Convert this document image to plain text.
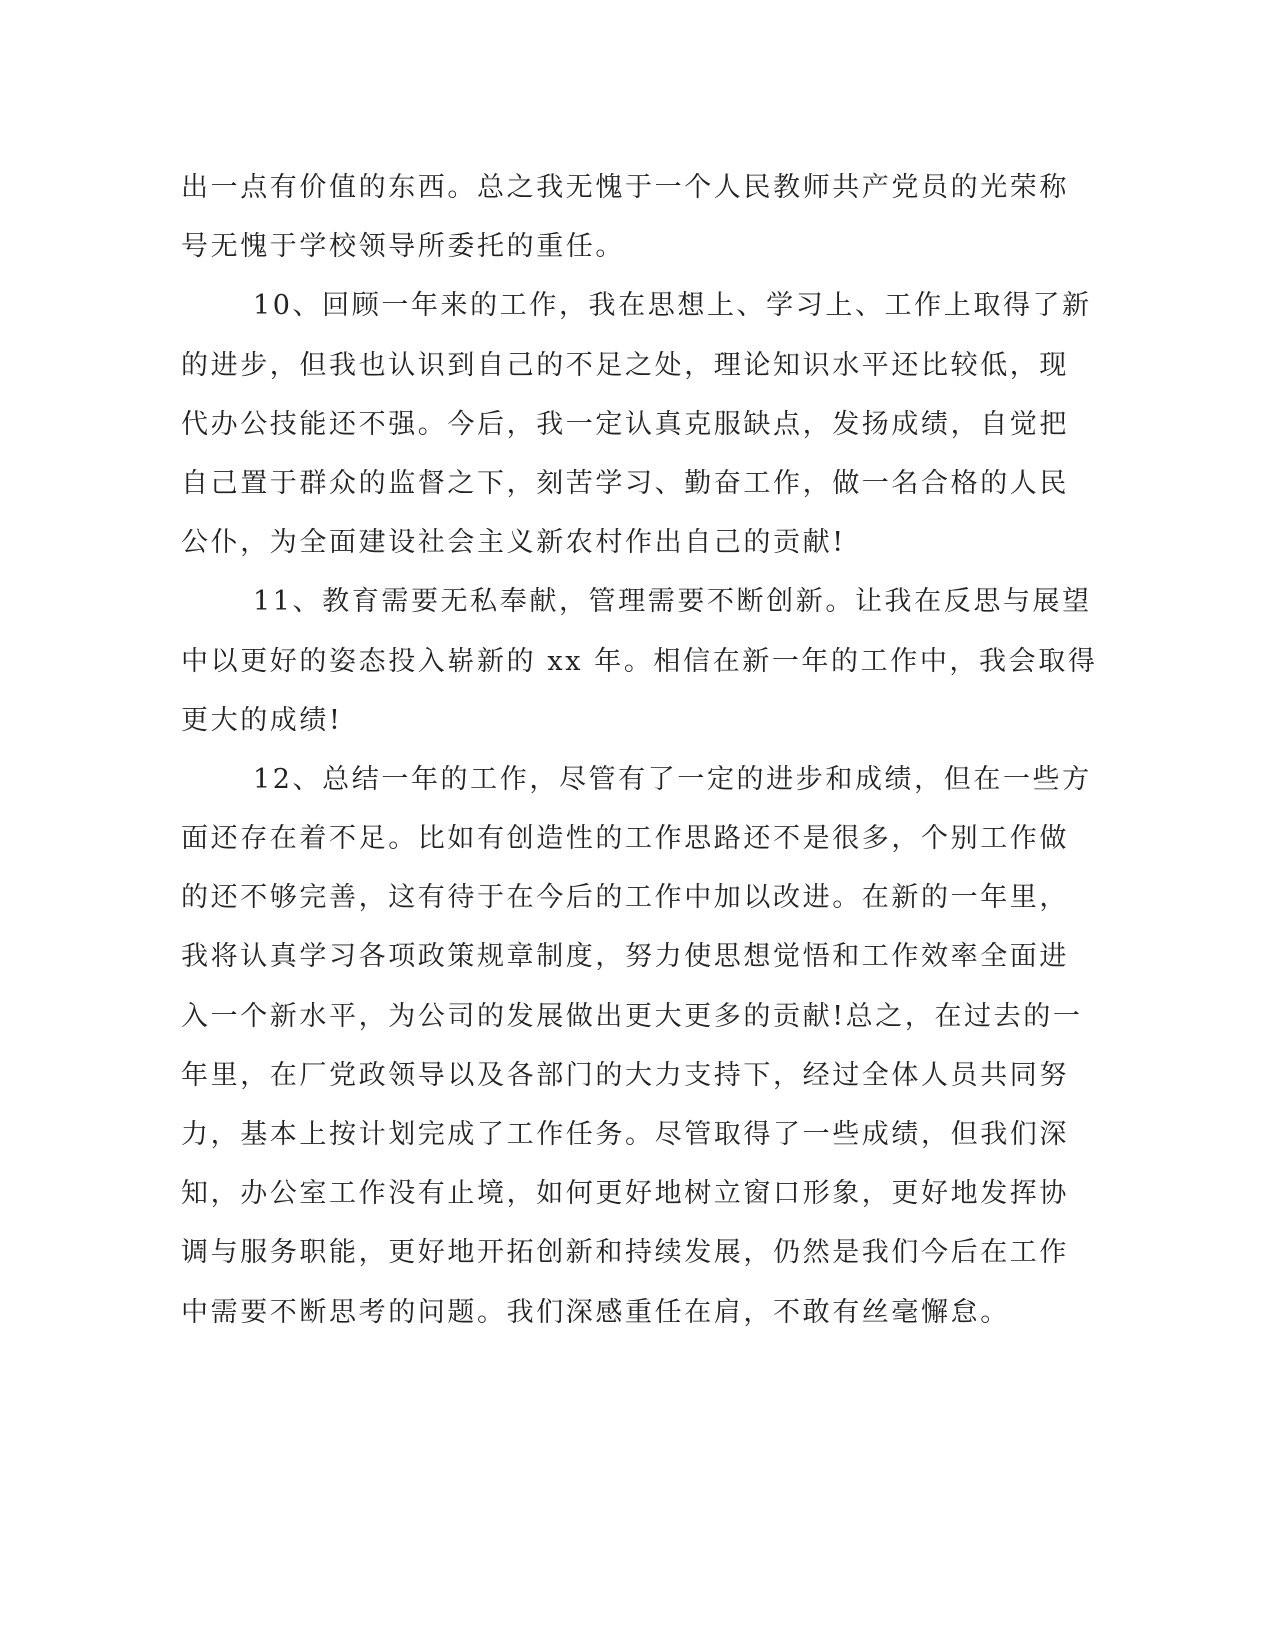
出一点有价值的东西。总之我无愧于一个人民教师共产党员的光荣称
号无愧于学校领导所委托的重任。
10、回顾一年来的工作，我在思想上、学习上、工作上取得了新
的进步，但我也认识到自己的不足之处，理论知识水平还比较低，现
代办公技能还不强。今后，我一定认真克服缺点，发扬成绩，自觉把
自己置于群众的监督之下，刻苦学习、勤奋工作，做一名合格的人民
公仆，为全面建设社会主义新农村作出自己的贡献!
11、教育需要无私奉献，管理需要不断创新。让我在反思与展望
中以更好的姿态投入崭新的 xx 年。相信在新一年的工作中，我会取得
更大的成绩!
12、总结一年的工作，尽管有了一定的进步和成绩，但在一些方
面还存在着不足。比如有创造性的工作思路还不是很多，个别工作做
的还不够完善，这有待于在今后的工作中加以改进。在新的一年里，
我将认真学习各项政策规章制度，努力使思想觉悟和工作效率全面进
入一个新水平，为公司的发展做出更大更多的贡献!总之，在过去的一
年里，在厂党政领导以及各部门的大力支持下，经过全体人员共同努
力，基本上按计划完成了工作任务。尽管取得了一些成绩，但我们深
知，办公室工作没有止境，如何更好地树立窗口形象，更好地发挥协
调与服务职能，更好地开拓创新和持续发展，仍然是我们今后在工作
中需要不断思考的问题。我们深感重任在肩，不敢有丝毫懈怠。
